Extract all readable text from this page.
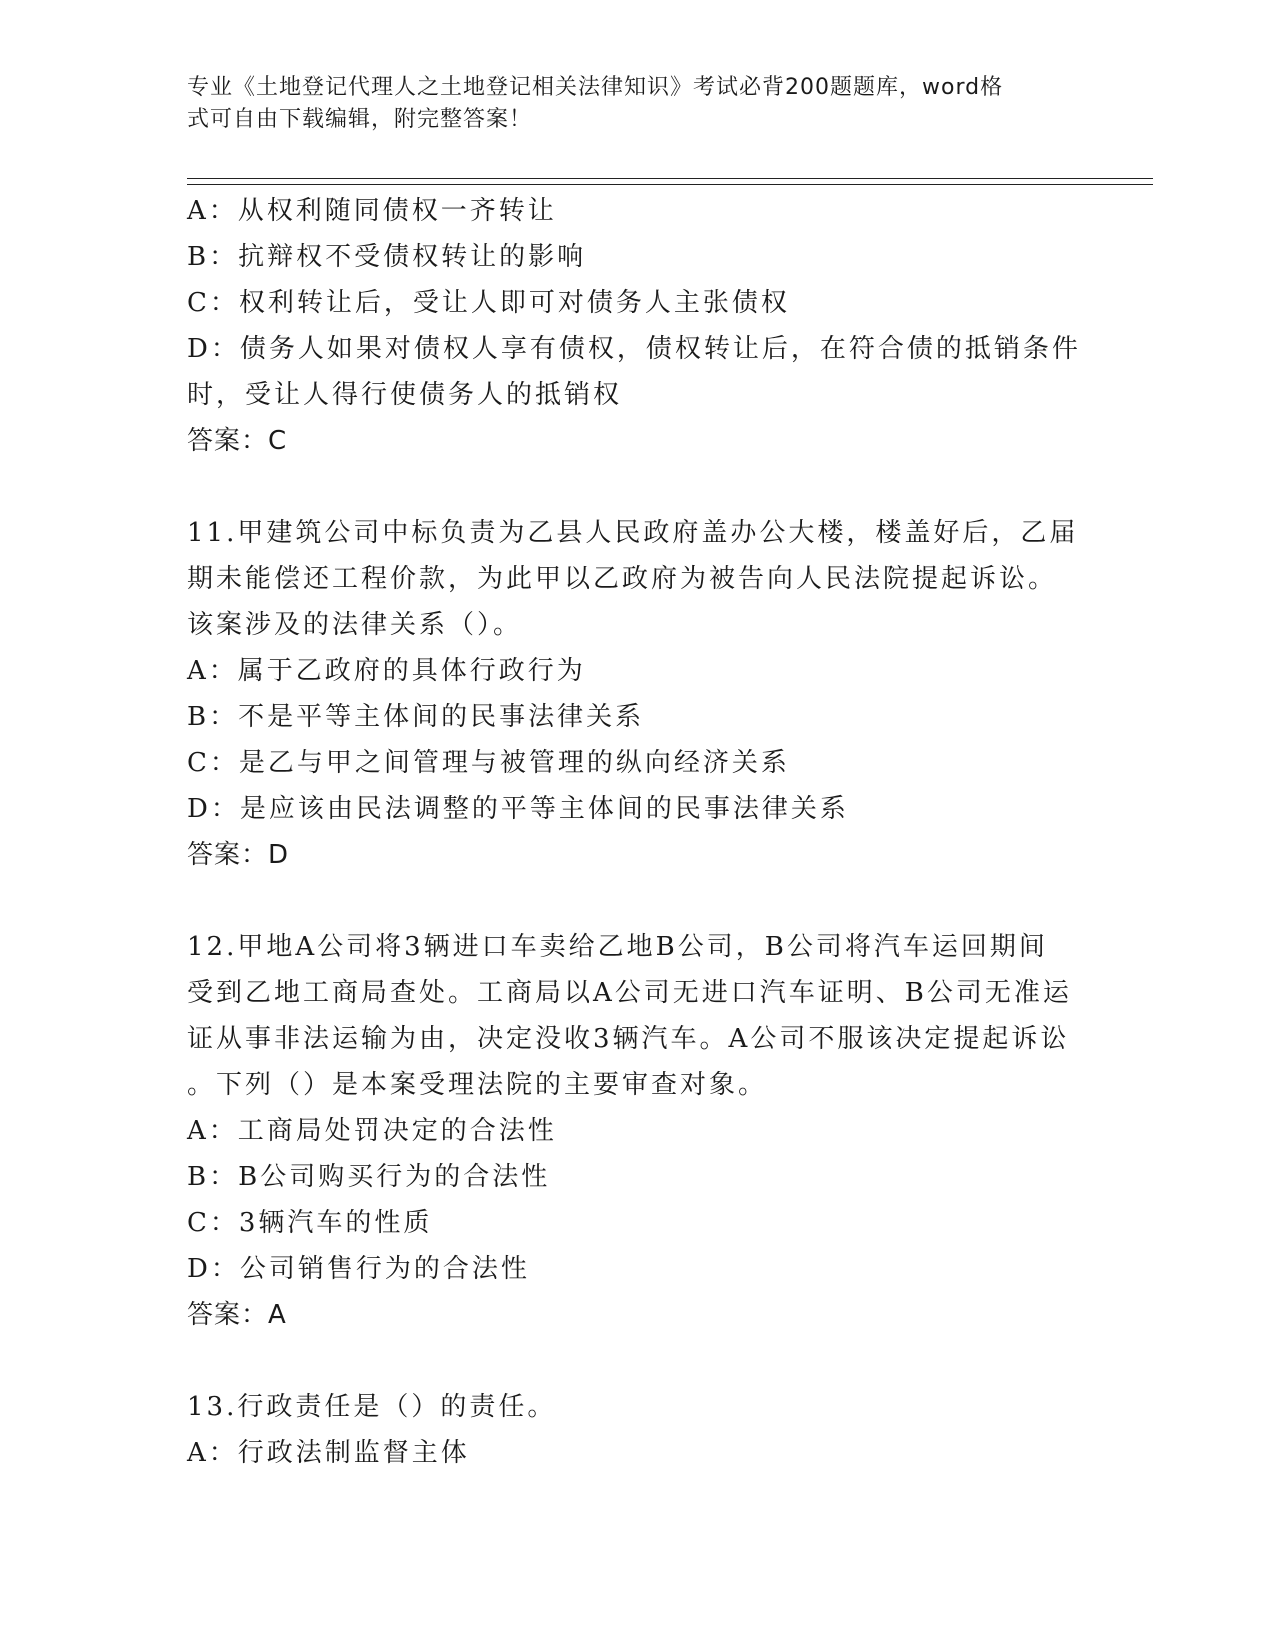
专业《土地登记代理人之土地登记相关法律知识》考试必背200题题库，word格
式可自由下载编辑，附完整答案！
A：从权利随同债权一齐转让
B：抗辩权不受债权转让的影响
C：权利转让后，受让人即可对债务人主张债权
D：债务人如果对债权人享有债权，债权转让后，在符合债的抵销条件
时，受让人得行使债务人的抵销权
答案：C
11.甲建筑公司中标负责为乙县人民政府盖办公大楼，楼盖好后，乙届
期未能偿还工程价款，为此甲以乙政府为被告向人民法院提起诉讼。
该案涉及的法律关系（）。
A：属于乙政府的具体行政行为
B：不是平等主体间的民事法律关系
C：是乙与甲之间管理与被管理的纵向经济关系
D：是应该由民法调整的平等主体间的民事法律关系
答案：D
12.甲地A公司将3辆进口车卖给乙地B公司，B公司将汽车运回期间
受到乙地工商局查处。工商局以A公司无进口汽车证明、B公司无准运
证从事非法运输为由，决定没收3辆汽车。A公司不服该决定提起诉讼
。下列（）是本案受理法院的主要审查对象。
A：工商局处罚决定的合法性
B：B公司购买行为的合法性
C：3辆汽车的性质
D：公司销售行为的合法性
答案：A
13.行政责任是（）的责任。
A：行政法制监督主体
